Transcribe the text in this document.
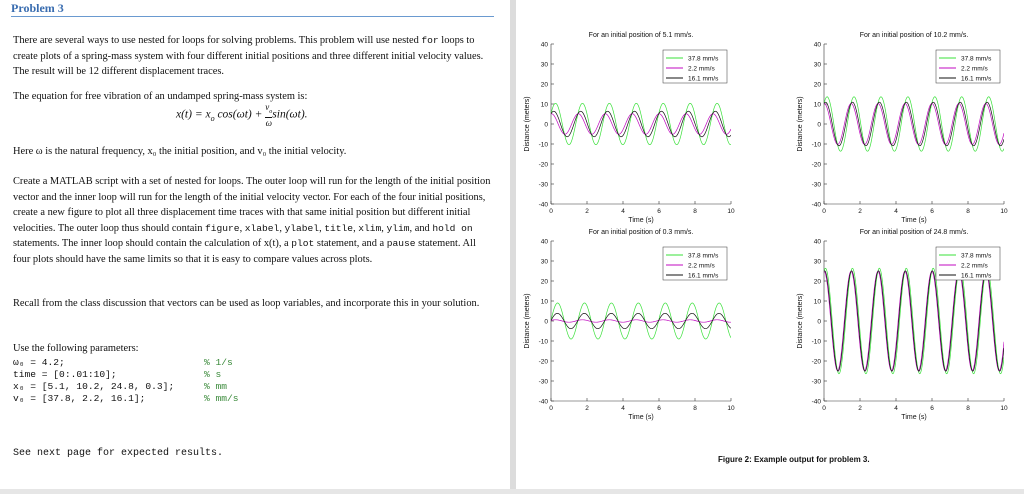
Problem 3

There are several ways to use nested for loops for solving problems. This problem will use nested for loops to create plots of a spring-mass system with four different initial positions and three different initial velocity values. The result will be 12 different displacement traces.

The equation for free vibration of an undamped spring-mass system is:

$x(t) = x_o$ $\cos(\omega t) + \frac{v_o}{\omega} \sin(\omega t)$.

Here ω is the natural frequency, x₀ the initial position, and v₀ the initial velocity.

Create a MATLAB script with a set of nested for loops. The outer loop will run for the length of the initial position vector and the inner loop will run for the length of the initial velocity vector. For each of the four initial positions, create a new figure to plot all three displacement time traces with that same initial position but different initial velocities. The outer loop thus should contain figure, xlabel, ylabel, title, xlim, ylim, and hold on statements. The inner loop should contain the calculation of x(t), a plot statement, and a pause statement. All four plots should have the same limits so that it is easy to compare values across plots.

Recall from the class discussion that vectors can be used as loop variables, and incorporate this in your solution.

Use the following parameters:

ω₀ = 4.2;	% 1/s
time = [0:.01:10];	% s
x₀ = [5.1, 10.2, 24.8, 0.3];	% mm
v₀ = [37.8, 2.2, 16.1];	% mm/s
See next page for expected results.
For an initial position of 5.1 mm/s.
40
30
20
10
0
-10
-20
-30
-40
0	2	4	6	8	10
Time (s)
Distance (meters)
37.8 mm/s
2.2 mm/s
16.1 mm/s
For an initial position of 10.2 mm/s.
40
30
20
10
0
-10
-20
-30
-40
0	2	4	6	8	10
Time (s)
Distance (meters)
37.8 mm/s
2.2 mm/s
16.1 mm/s
For an initial position of 0.3 mm/s.
40
30
20
10
0
-10
-20
-30
-40
0	2	4	6	8	10
Time (s)
Distance (meters)
37.8 mm/s
2.2 mm/s
16.1 mm/s
For an initial position of 24.8 mm/s.
40
30
20
10
0
-10
-20
-30
-40
0	2	4	6	8	10
Time (s)
Distance (meters)
37.8 mm/s
2.2 mm/s
16.1 mm/s
Figure 2: Example output for problem 3.
